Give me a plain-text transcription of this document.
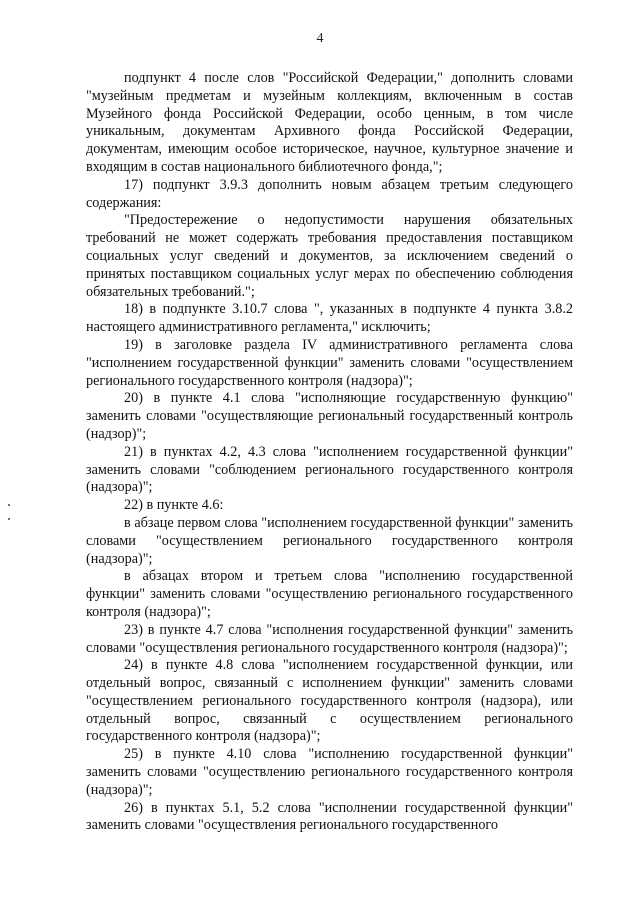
4

подпункт 4 после слов "Российской Федерации," дополнить словами "музейным предметам и музейным коллекциям, включенным в состав Музейного фонда Российской Федерации, особо ценным, в том числе уникальным, документам Архивного фонда Российской Федерации, документам, имеющим особое историческое, научное, культурное значение и входящим в состав национального библиотечного фонда,";

17) подпункт 3.9.3 дополнить новым абзацем третьим следующего содержания:

"Предостережение о недопустимости нарушения обязательных требований не может содержать требования предоставления поставщиком социальных услуг сведений и документов, за исключением сведений о принятых поставщиком социальных услуг мерах по обеспечению соблюдения обязательных требований.";

18) в подпункте 3.10.7 слова ", указанных в подпункте 4 пункта 3.8.2 настоящего административного регламента," исключить;

19) в заголовке раздела IV административного регламента слова "исполнением государственной функции" заменить словами "осуществлением регионального государственного контроля (надзора)";

20) в пункте 4.1 слова "исполняющие государственную функцию" заменить словами "осуществляющие региональный государственный контроль (надзор)";

21) в пунктах 4.2, 4.3 слова "исполнением государственной функции" заменить словами "соблюдением регионального государственного контроля (надзора)";

22) в пункте 4.6:

в абзаце первом слова "исполнением государственной функции" заменить словами "осуществлением регионального государственного контроля (надзора)";

в абзацах втором и третьем слова "исполнению государственной функции" заменить словами "осуществлению регионального государственного контроля (надзора)";

23) в пункте 4.7 слова "исполнения государственной функции" заменить словами "осуществления регионального государственного контроля (надзора)";

24) в пункте 4.8 слова "исполнением государственной функции, или отдельный вопрос, связанный с исполнением функции" заменить словами "осуществлением регионального государственного контроля (надзора), или отдельный вопрос, связанный с осуществлением регионального государственного контроля (надзора)";

25) в пункте 4.10 слова "исполнению государственной функции" заменить словами "осуществлению регионального государственного контроля (надзора)";

26) в пунктах 5.1, 5.2 слова "исполнении государственной функции" заменить словами "осуществления регионального государственного
